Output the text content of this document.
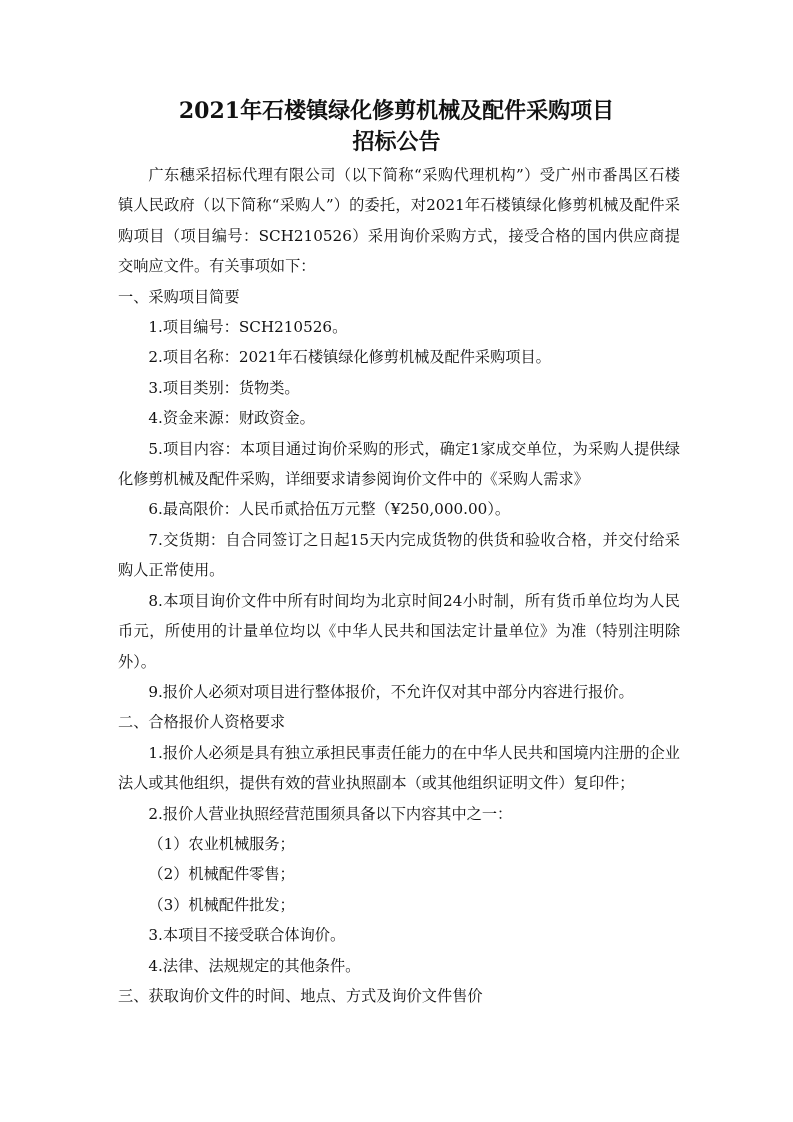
2021年石楼镇绿化修剪机械及配件采购项目
招标公告

广东穗采招标代理有限公司（以下简称“采购代理机构”）受广州市番禺区石楼镇人民政府（以下简称“采购人”）的委托，对2021年石楼镇绿化修剪机械及配件采购项目（项目编号：SCH210526）采用询价采购方式，接受合格的国内供应商提交响应文件。有关事项如下：

一、采购项目简要

1.项目编号：SCH210526。

2.项目名称：2021年石楼镇绿化修剪机械及配件采购项目。

3.项目类别：货物类。

4.资金来源：财政资金。

5.项目内容：本项目通过询价采购的形式，确定1家成交单位，为采购人提供绿化修剪机械及配件采购，详细要求请参阅询价文件中的《采购人需求》

6.最高限价：人民币贰拾伍万元整（¥250,000.00）。

7.交货期：自合同签订之日起15天内完成货物的供货和验收合格，并交付给采购人正常使用。

8.本项目询价文件中所有时间均为北京时间24小时制，所有货币单位均为人民币元，所使用的计量单位均以《中华人民共和国法定计量单位》为准（特别注明除外）。

9.报价人必须对项目进行整体报价，不允许仅对其中部分内容进行报价。

二、合格报价人资格要求

1.报价人必须是具有独立承担民事责任能力的在中华人民共和国境内注册的企业法人或其他组织，提供有效的营业执照副本（或其他组织证明文件）复印件；

2.报价人营业执照经营范围须具备以下内容其中之一：

（1）农业机械服务；

（2）机械配件零售；

（3）机械配件批发；

3.本项目不接受联合体询价。

4.法律、法规规定的其他条件。

三、获取询价文件的时间、地点、方式及询价文件售价
